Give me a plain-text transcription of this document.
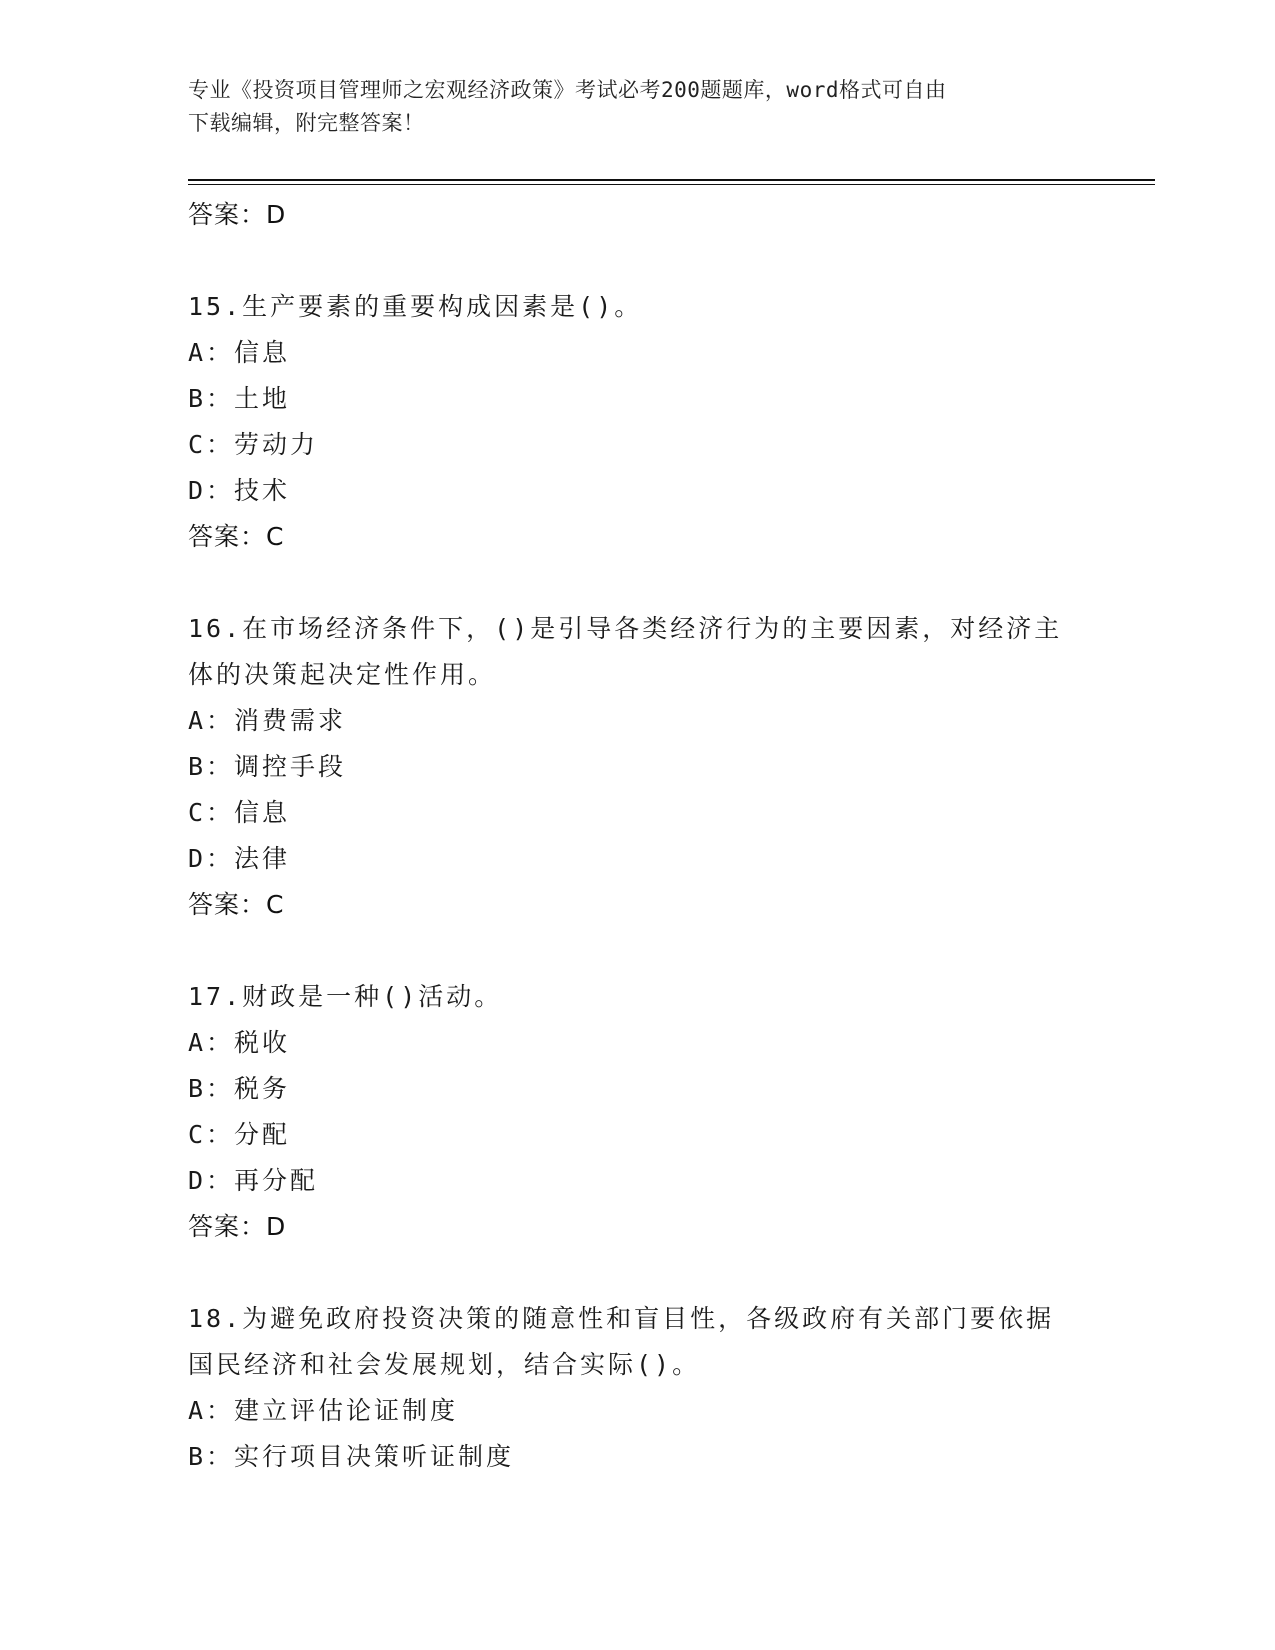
专业《投资项目管理师之宏观经济政策》考试必考200题题库，word格式可自由
下载编辑，附完整答案！
答案：D
15.生产要素的重要构成因素是()。
A：信息
B：土地
C：劳动力
D：技术
答案：C
16.在市场经济条件下，()是引导各类经济行为的主要因素，对经济主
体的决策起决定性作用。
A：消费需求
B：调控手段
C：信息
D：法律
答案：C
17.财政是一种()活动。
A：税收
B：税务
C：分配
D：再分配
答案：D
18.为避免政府投资决策的随意性和盲目性，各级政府有关部门要依据
国民经济和社会发展规划，结合实际()。
A：建立评估论证制度
B：实行项目决策听证制度
